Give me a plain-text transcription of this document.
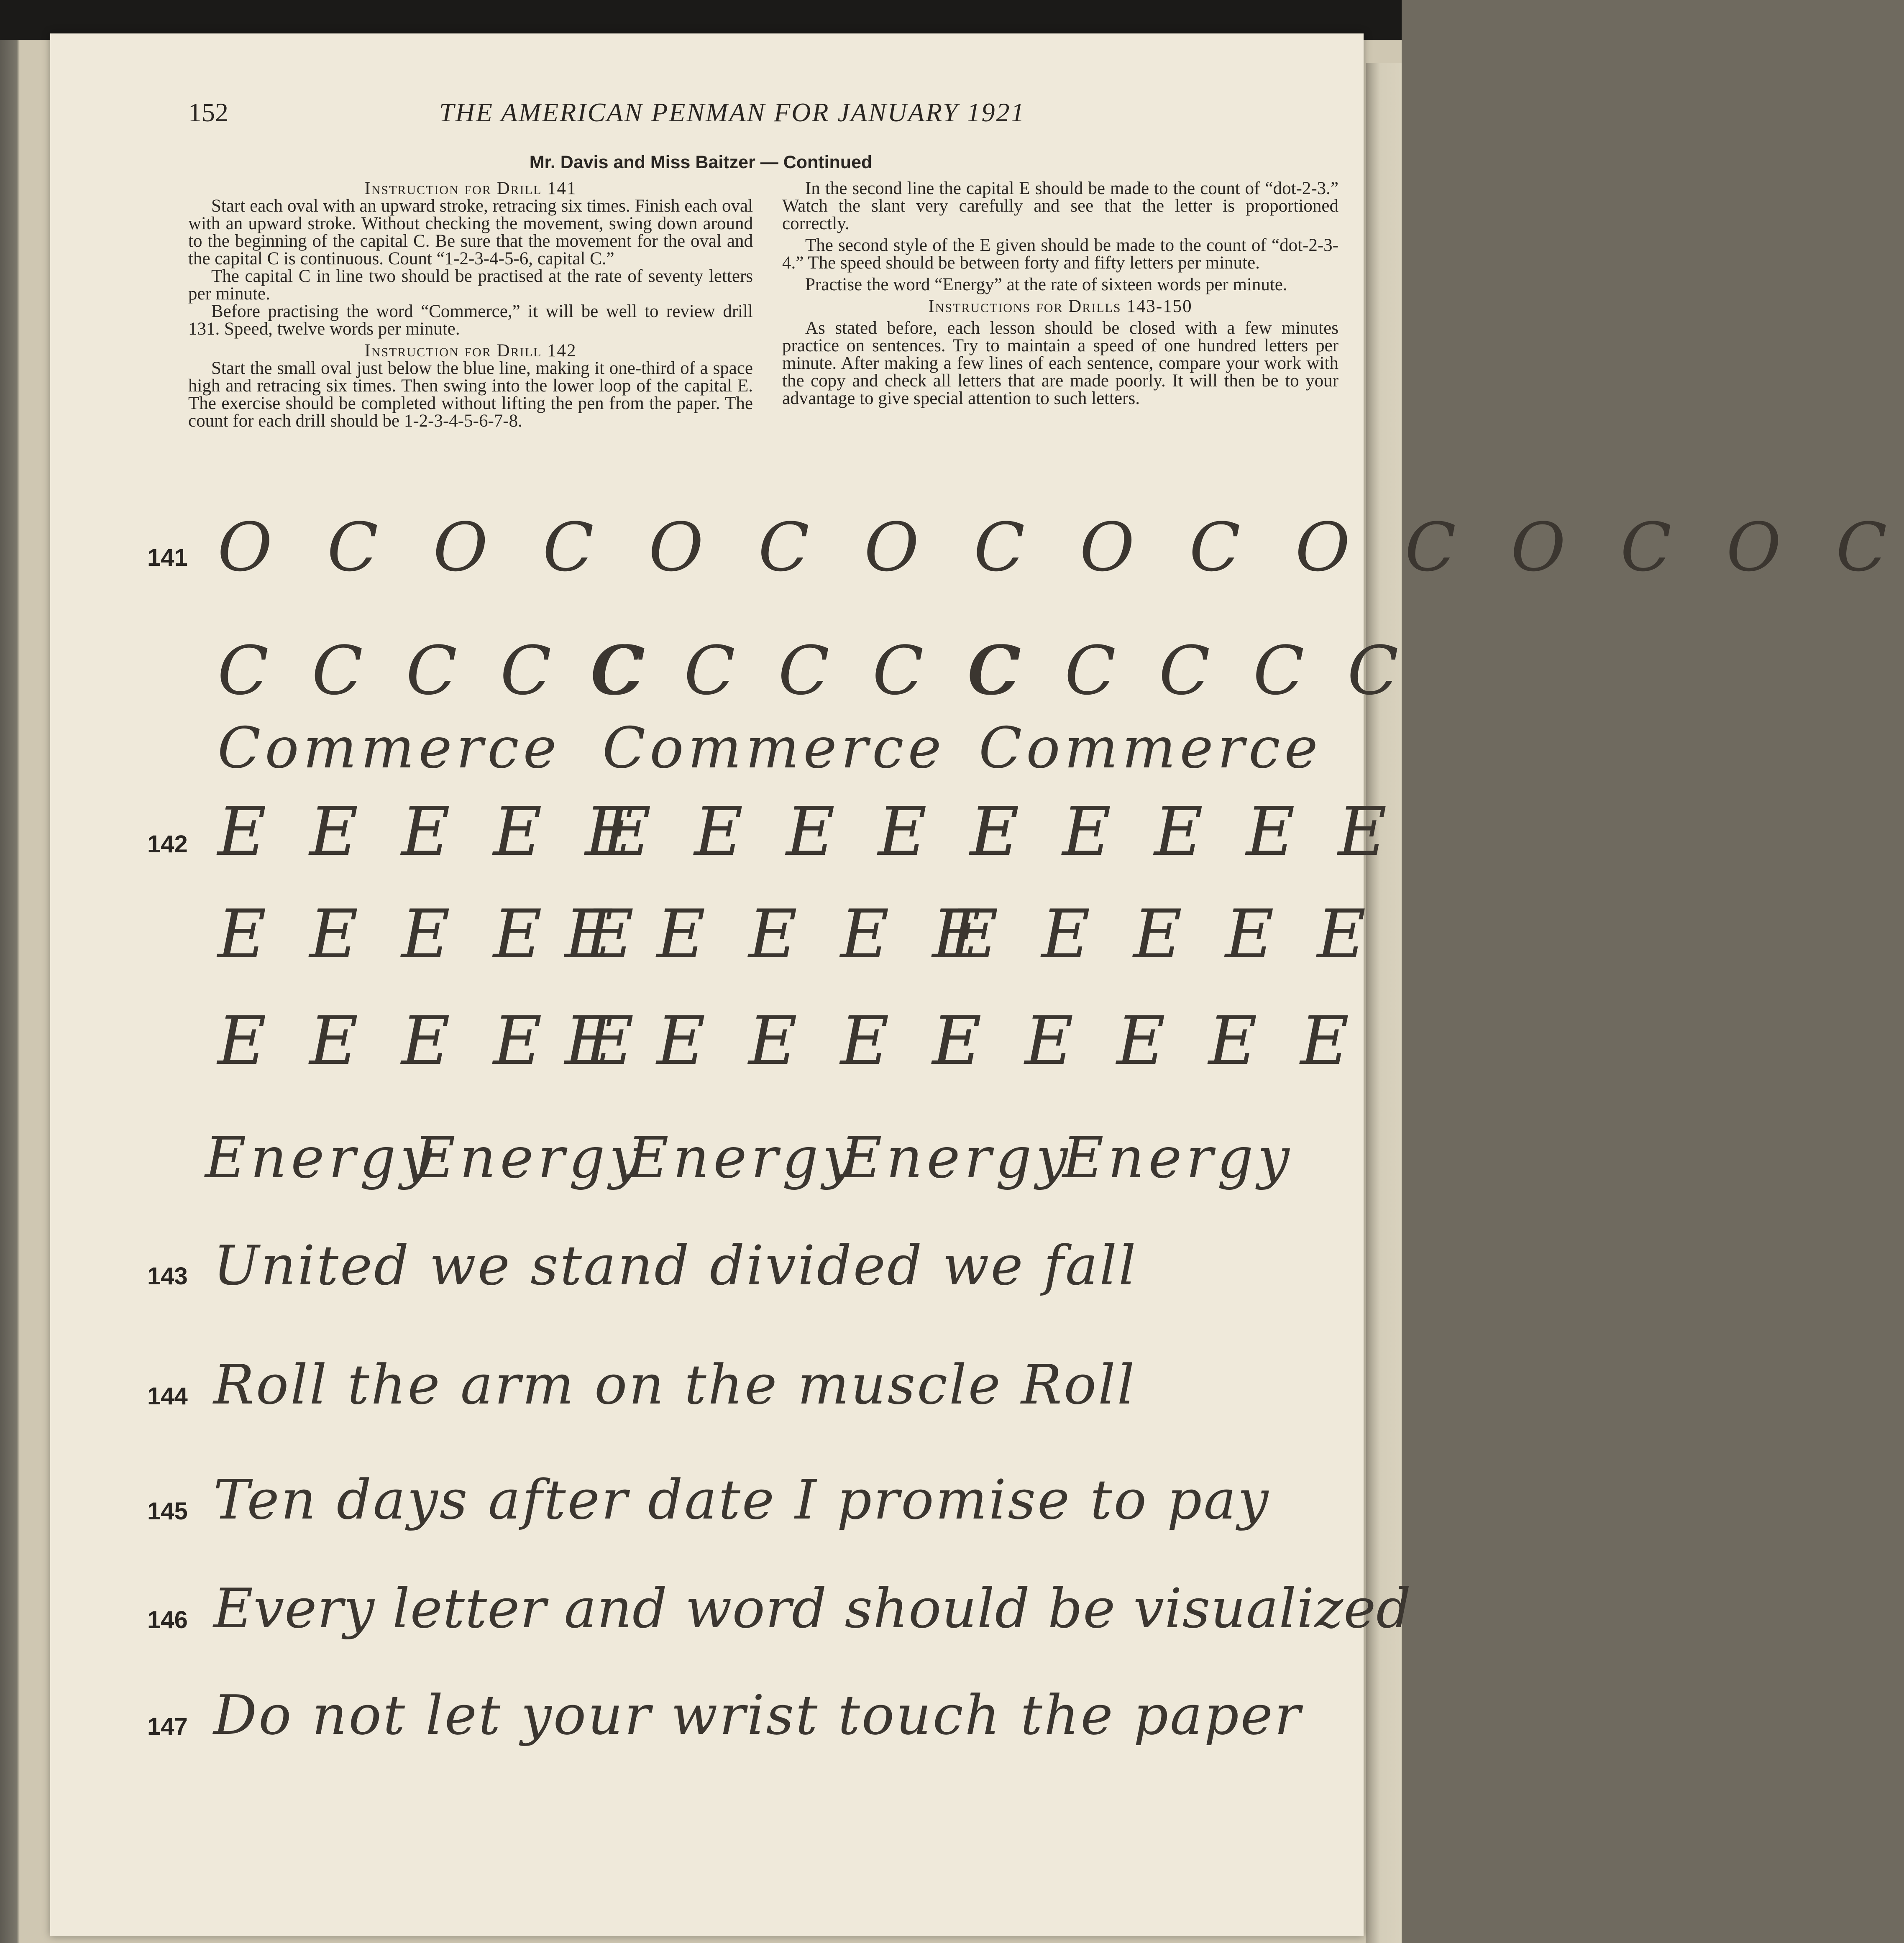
152	THE AMERICAN PENMAN FOR JANUARY 1921
Mr. Davis and Miss Baitzer — Continued
Instruction for Drill 141

Start each oval with an upward stroke, retracing six times. Finish each oval with an upward stroke. Without checking the movement, swing down around to the beginning of the capital C. Be sure that the movement for the oval and the capital C is continuous. Count “1-2-3-4-5-6, capital C.”

The capital C in line two should be practised at the rate of seventy letters per minute.

Before practising the word “Commerce,” it will be well to review drill 131. Speed, twelve words per minute.

Instruction for Drill 142

Start the small oval just below the blue line, making it one-third of a space high and retracing six times. Then swing into the lower loop of the capital E. The exercise should be completed without lifting the pen from the paper. The count for each drill should be 1-2-3-4-5-6-7-8.

In the second line the capital E should be made to the count of “dot-2-3.” Watch the slant very carefully and see that the letter is proportioned correctly.

The second style of the E given should be made to the count of “dot-2-3-4.” The speed should be between forty and fifty letters per minute.

Practise the word “Energy” at the rate of sixteen words per minute.

Instructions for Drills 143-150

As stated before, each lesson should be closed with a few minutes practice on sentences. Try to maintain a speed of one hundred letters per minute. After making a few lines of each sentence, compare your work with the copy and check all letters that are made poorly. It will then be to your advantage to give special attention to such letters.

141 O C O C O C O C O C O C O C O C
C C C C C
C C C C C
C C C C C
Commerce Commerce Commerce
142 E E E E E
E E E E E
E E E E E
E E E E E
E E E E E
E E E E E
E E E E E
E E E E E
E E E E E
Energy
Energy
Energy
Energy
Energy
143 United we stand divided we fall
144 Roll the arm on the muscle Roll
145 Ten days after date I promise to pay
146 Every letter and word should be visualized
147 Do not let your wrist touch the paper
